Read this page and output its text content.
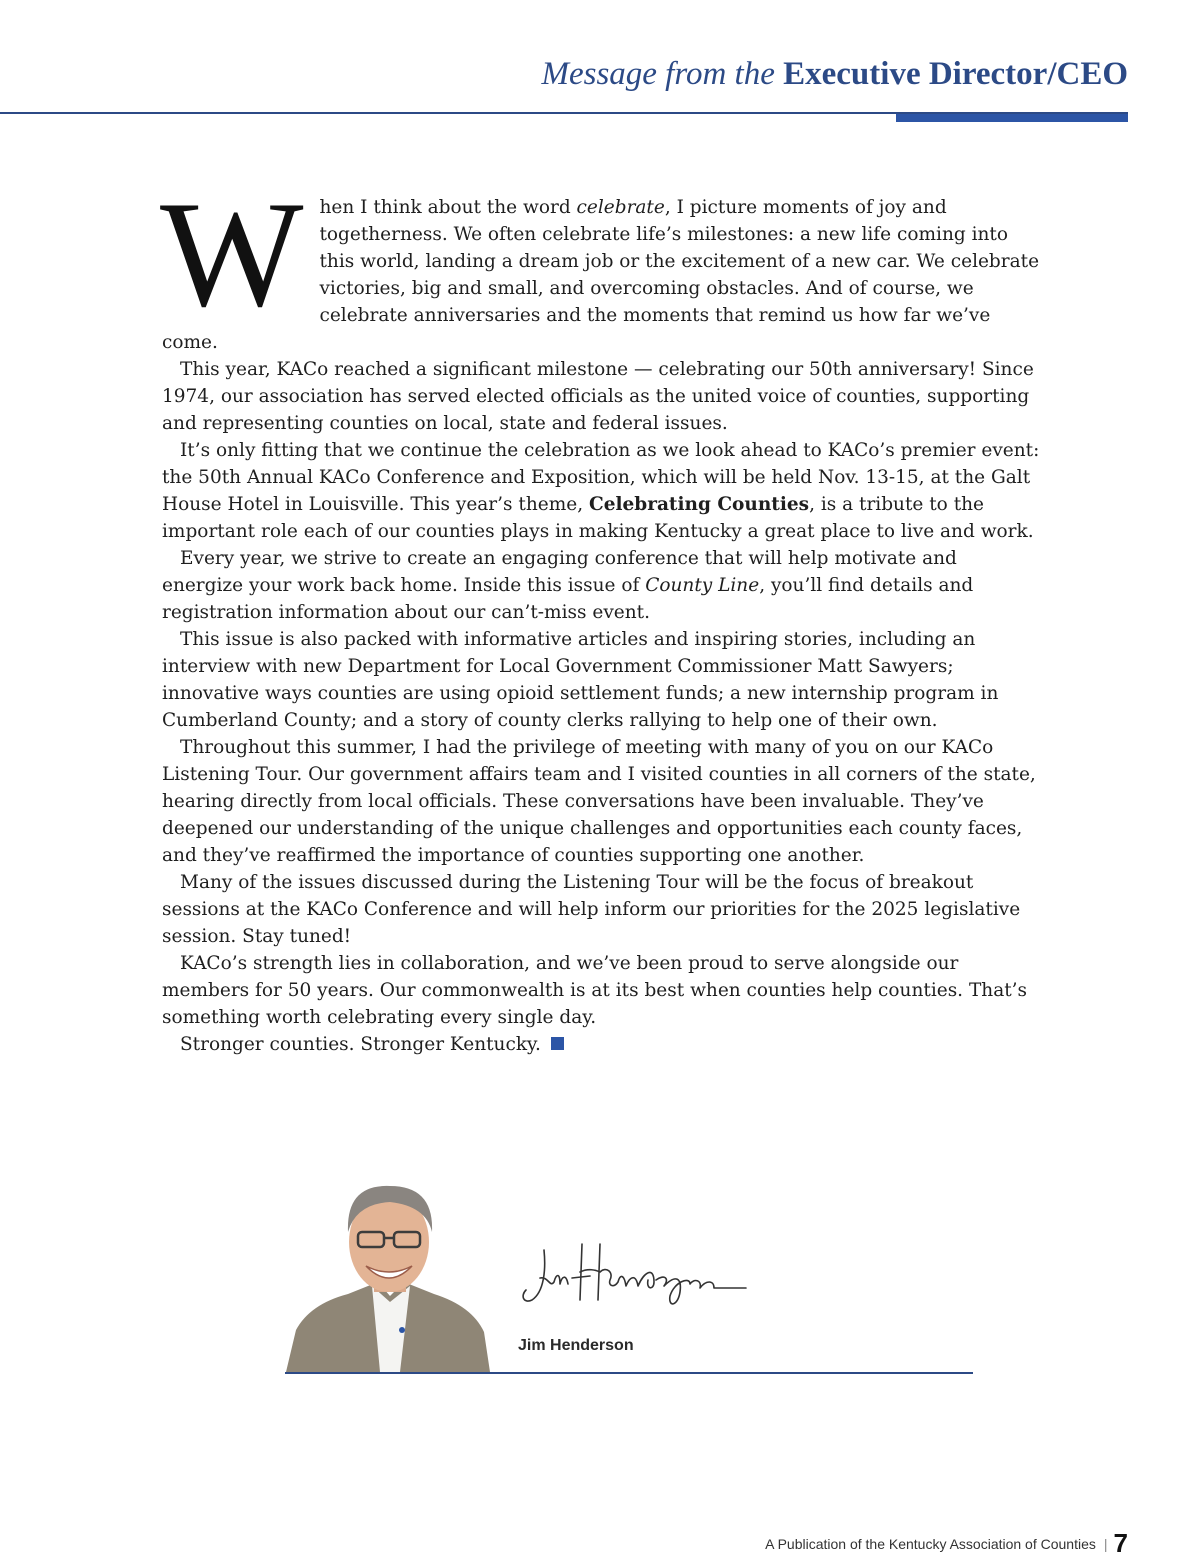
Message from the Executive Director/CEO

When I think about the word celebrate, I picture moments of joy and togetherness. We often celebrate life’s milestones: a new life coming into this world, landing a dream job or the excitement of a new car. We celebrate victories, big and small, and overcoming obstacles. And of course, we celebrate anniversaries and the moments that remind us how far we’ve come.

This year, KACo reached a significant milestone — celebrating our 50th anniversary! Since 1974, our association has served elected officials as the united voice of counties, supporting and representing counties on local, state and federal issues.

It’s only fitting that we continue the celebration as we look ahead to KACo’s premier event: the 50th Annual KACo Conference and Exposition, which will be held Nov. 13-15, at the Galt House Hotel in Louisville. This year’s theme, Celebrating Counties, is a tribute to the important role each of our counties plays in making Kentucky a great place to live and work.

Every year, we strive to create an engaging conference that will help motivate and energize your work back home. Inside this issue of County Line, you’ll find details and registration information about our can’t-miss event.

This issue is also packed with informative articles and inspiring stories, including an interview with new Department for Local Government Commissioner Matt Sawyers; innovative ways counties are using opioid settlement funds; a new internship program in Cumberland County; and a story of county clerks rallying to help one of their own.

Throughout this summer, I had the privilege of meeting with many of you on our KACo Listening Tour. Our government affairs team and I visited counties in all corners of the state, hearing directly from local officials. These conversations have been invaluable. They’ve deepened our understanding of the unique challenges and opportunities each county faces, and they’ve reaffirmed the importance of counties supporting one another.

Many of the issues discussed during the Listening Tour will be the focus of breakout sessions at the KACo Conference and will help inform our priorities for the 2025 legislative session. Stay tuned!

KACo’s strength lies in collaboration, and we’ve been proud to serve alongside our members for 50 years. Our commonwealth is at its best when counties help counties. That’s something worth celebrating every single day.

Stronger counties. Stronger Kentucky.

Jim Henderson
A Publication of the Kentucky Association of Counties | 7
